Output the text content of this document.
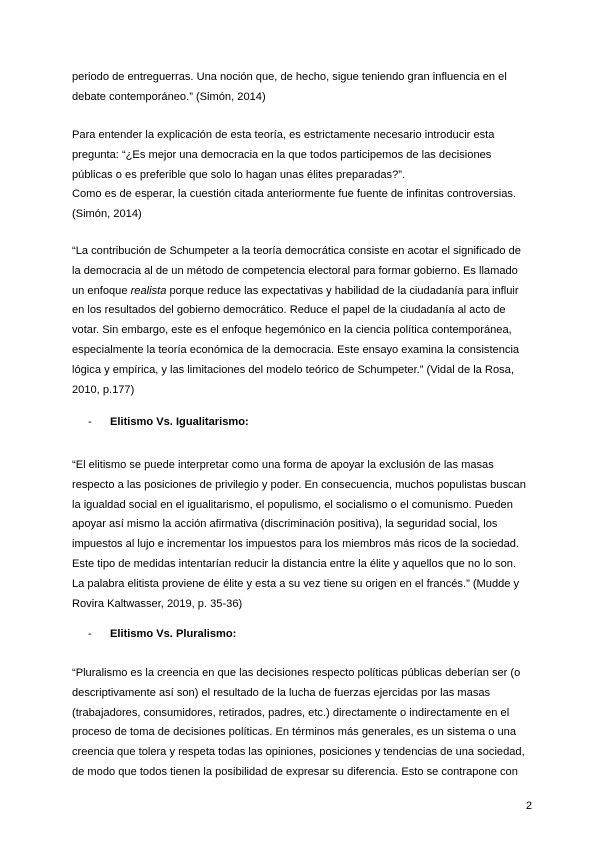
periodo de entreguerras. Una noción que, de hecho, sigue teniendo gran influencia en el
debate contemporáneo.” (Simón, 2014)
Para entender la explicación de esta teoría, es estrictamente necesario introducir esta
pregunta: “¿Es mejor una democracia en la que todos participemos de las decisiones
públicas o es preferible que solo lo hagan unas élites preparadas?”.
Como es de esperar, la cuestión citada anteriormente fue fuente de infinitas controversias.
(Simón, 2014)
“La contribución de Schumpeter a la teoría democrática consiste en acotar el significado de
la democracia al de un método de competencia electoral para formar gobierno. Es llamado
un enfoque realista porque reduce las expectativas y habilidad de la ciudadanía para influir
en los resultados del gobierno democrático. Reduce el papel de la ciudadanía al acto de
votar. Sin embargo, este es el enfoque hegemónico en la ciencia política contemporánea,
especialmente la teoría económica de la democracia. Este ensayo examina la consistencia
lógica y empírica, y las limitaciones del modelo teórico de Schumpeter.” (Vidal de la Rosa,
2010, p.177)
- Elitismo Vs. Igualitarismo:
“El elitismo se puede interpretar como una forma de apoyar la exclusión de las masas
respecto a las posiciones de privilegio y poder. En consecuencia, muchos populistas buscan
la igualdad social en el igualitarismo, el populismo, el socialismo o el comunismo. Pueden
apoyar así mismo la acción afirmativa (discriminación positiva), la seguridad social, los
impuestos al lujo e incrementar los impuestos para los miembros más ricos de la sociedad.
Este tipo de medidas intentarían reducir la distancia entre la élite y aquellos que no lo son.
La palabra elitista proviene de élite y esta a su vez tiene su origen en el francés.” (Mudde y
Rovira Kaltwasser, 2019, p. 35-36)
- Elitismo Vs. Pluralismo:
“Pluralismo es la creencia en que las decisiones respecto políticas públicas deberían ser (o
descriptivamente así son) el resultado de la lucha de fuerzas ejercidas por las masas
(trabajadores, consumidores, retirados, padres, etc.) directamente o indirectamente en el
proceso de toma de decisiones políticas. En términos más generales, es un sistema o una
creencia que tolera y respeta todas las opiniones, posiciones y tendencias de una sociedad,
de modo que todos tienen la posibilidad de expresar su diferencia. Esto se contrapone con
2
